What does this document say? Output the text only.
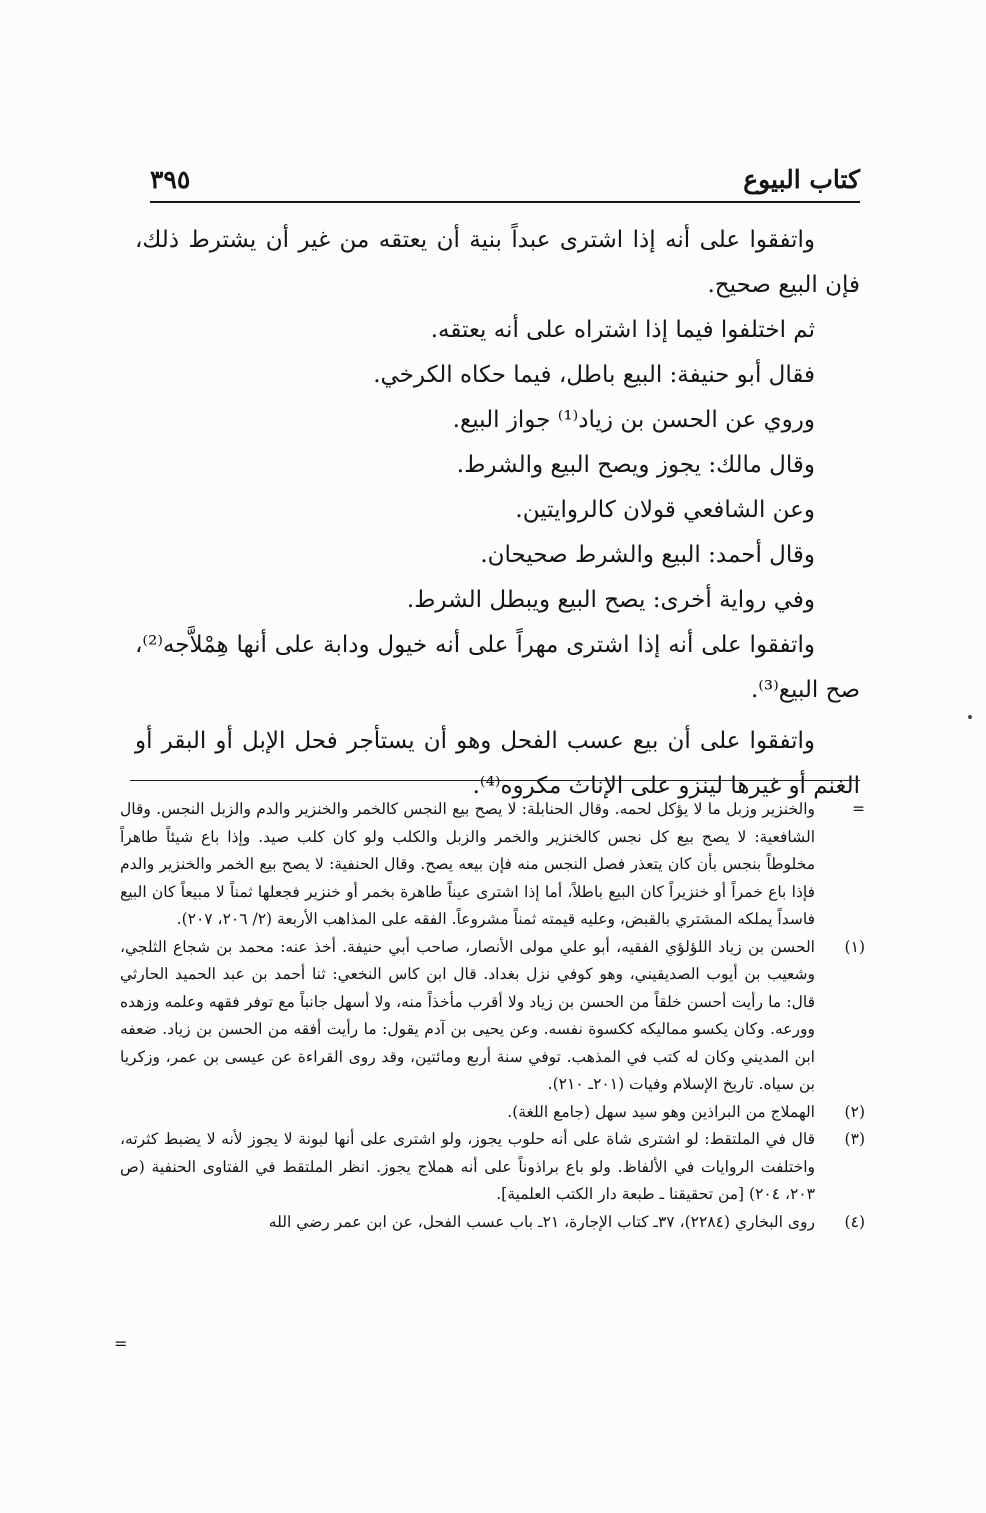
كتاب البيوع
٣٩٥

واتفقوا على أنه إذا اشترى عبداً بنية أن يعتقه من غير أن يشترط ذلك، فإن البيع صحيح.

ثم اختلفوا فيما إذا اشتراه على أنه يعتقه.

فقال أبو حنيفة: البيع باطل، فيما حكاه الكرخي.

وروي عن الحسن بن زياد⁽¹⁾ جواز البيع.

وقال مالك: يجوز ويصح البيع والشرط.

وعن الشافعي قولان كالروايتين.

وقال أحمد: البيع والشرط صحيحان.

وفي رواية أخرى: يصح البيع ويبطل الشرط.

واتفقوا على أنه إذا اشترى مهراً على أنه خيول ودابة على أنها هِمْلاَّجه⁽²⁾، صح البيع⁽³⁾.

واتفقوا على أن بيع عسب الفحل وهو أن يستأجر فحل الإبل أو البقر أو الغنم أو غيرها لينزو على الإناث مكروه⁽⁴⁾.

=
والخنزير وزبل ما لا يؤكل لحمه. وقال الحنابلة: لا يصح بيع النجس كالخمر والخنزير والدم والزبل النجس. وقال الشافعية: لا يصح بيع كل نجس كالخنزير والخمر والزبل والكلب ولو كان كلب صيد. وإذا باع شيئاً طاهراً مخلوطاً بنجس بأن كان يتعذر فصل النجس منه فإن بيعه يصح. وقال الحنفية: لا يصح بيع الخمر والخنزير والدم فإذا باع خمراً أو خنزيراً كان البيع باطلاً، أما إذا اشترى عيناً طاهرة بخمر أو خنزير فجعلها ثمناً لا مبيعاً كان البيع فاسداً يملكه المشتري بالقبض، وعليه قيمته ثمناً مشروعاً. الفقه على المذاهب الأربعة (٢/ ٢٠٦، ٢٠٧).
(١)
الحسن بن زياد اللؤلؤي الفقيه، أبو علي مولى الأنصار، صاحب أبي حنيفة. أخذ عنه: محمد بن شجاع الثلجي، وشعيب بن أيوب الصديقيني، وهو كوفي نزل بغداد. قال ابن كاس النخعي: ثنا أحمد بن عبد الحميد الحارثي قال: ما رأيت أحسن خلقاً من الحسن بن زياد ولا أقرب مأخذاً منه، ولا أسهل جانباً مع توفر فقهه وعلمه وزهده وورعه. وكان يكسو مماليكه ككسوة نفسه. وعن يحيى بن آدم يقول: ما رأيت أفقه من الحسن بن زياد. ضعفه ابن المديني وكان له كتب في المذهب. توفي سنة أربع ومائتين، وقد روى القراءة عن عيسى بن عمر، وزكريا بن سياه. تاريخ الإسلام وفيات (٢٠١ـ ٢١٠).
(٢)
الهملاج من البراذين وهو سيد سهل (جامع اللغة).
(٣)
قال في الملتقط: لو اشترى شاة على أنه حلوب يجوز، ولو اشترى على أنها لبونة لا يجوز لأنه لا يضبط كثرته، واختلفت الروايات في الألفاظ. ولو باع براذوناً على أنه هملاج يجوز. انظر الملتقط في الفتاوى الحنفية (ص ٢٠٣، ٢٠٤) [من تحقيقنا ـ طبعة دار الكتب العلمية].
(٤)
روى البخاري (٢٢٨٤)، ٣٧ـ كتاب الإجارة، ٢١ـ باب عسب الفحل، عن ابن عمر رضي الله
=
